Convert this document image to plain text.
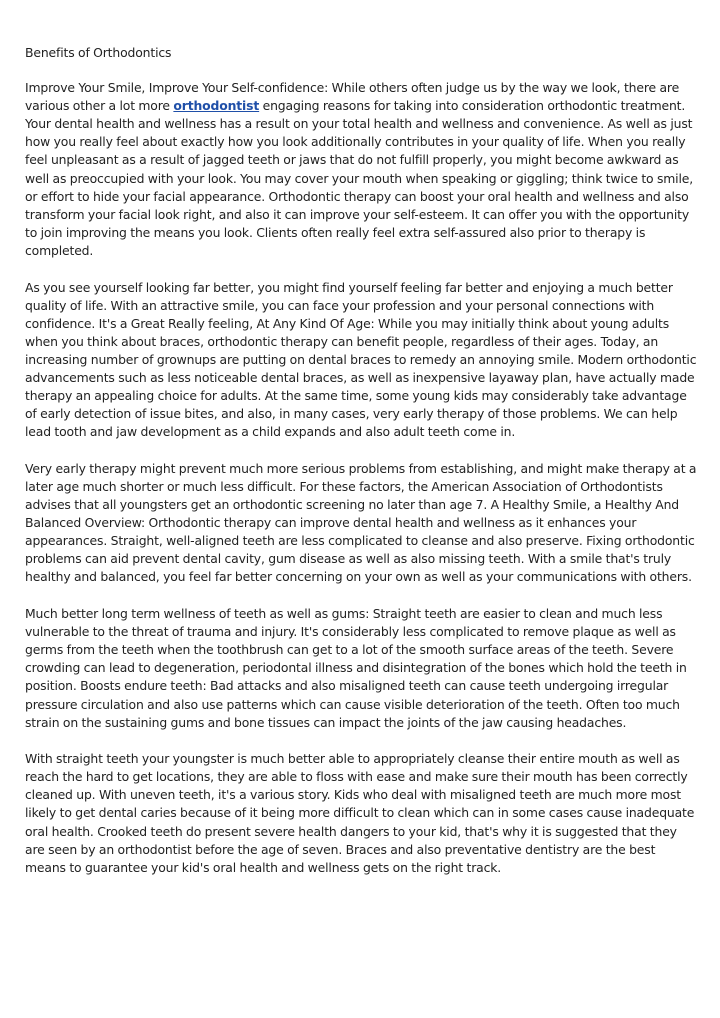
Benefits of Orthodontics

Improve Your Smile, Improve Your Self-confidence: While others often judge us by the way we look, there are various other a lot more orthodontist engaging reasons for taking into consideration orthodontic treatment. Your dental health and wellness has a result on your total health and wellness and convenience. As well as just how you really feel about exactly how you look additionally contributes in your quality of life. When you really feel unpleasant as a result of jagged teeth or jaws that do not fulfill properly, you might become awkward as well as preoccupied with your look. You may cover your mouth when speaking or giggling; think twice to smile, or effort to hide your facial appearance. Orthodontic therapy can boost your oral health and wellness and also transform your facial look right, and also it can improve your self-esteem. It can offer you with the opportunity to join improving the means you look. Clients often really feel extra self-assured also prior to therapy is completed.

As you see yourself looking far better, you might find yourself feeling far better and enjoying a much better quality of life. With an attractive smile, you can face your profession and your personal connections with confidence. It's a Great Really feeling, At Any Kind Of Age: While you may initially think about young adults when you think about braces, orthodontic therapy can benefit people, regardless of their ages. Today, an increasing number of grownups are putting on dental braces to remedy an annoying smile. Modern orthodontic advancements such as less noticeable dental braces, as well as inexpensive layaway plan, have actually made therapy an appealing choice for adults. At the same time, some young kids may considerably take advantage of early detection of issue bites, and also, in many cases, very early therapy of those problems. We can help lead tooth and jaw development as a child expands and also adult teeth come in.

Very early therapy might prevent much more serious problems from establishing, and might make therapy at a later age much shorter or much less difficult. For these factors, the American Association of Orthodontists advises that all youngsters get an orthodontic screening no later than age 7. A Healthy Smile, a Healthy And Balanced Overview: Orthodontic therapy can improve dental health and wellness as it enhances your appearances. Straight, well-aligned teeth are less complicated to cleanse and also preserve. Fixing orthodontic problems can aid prevent dental cavity, gum disease as well as also missing teeth. With a smile that's truly healthy and balanced, you feel far better concerning on your own as well as your communications with others.

Much better long term wellness of teeth as well as gums: Straight teeth are easier to clean and much less vulnerable to the threat of trauma and injury. It's considerably less complicated to remove plaque as well as germs from the teeth when the toothbrush can get to a lot of the smooth surface areas of the teeth. Severe crowding can lead to degeneration, periodontal illness and disintegration of the bones which hold the teeth in position. Boosts endure teeth: Bad attacks and also misaligned teeth can cause teeth undergoing irregular pressure circulation and also use patterns which can cause visible deterioration of the teeth. Often too much strain on the sustaining gums and bone tissues can impact the joints of the jaw causing headaches.

With straight teeth your youngster is much better able to appropriately cleanse their entire mouth as well as reach the hard to get locations, they are able to floss with ease and make sure their mouth has been correctly cleaned up. With uneven teeth, it's a various story. Kids who deal with misaligned teeth are much more most likely to get dental caries because of it being more difficult to clean which can in some cases cause inadequate oral health. Crooked teeth do present severe health dangers to your kid, that's why it is suggested that they are seen by an orthodontist before the age of seven. Braces and also preventative dentistry are the best means to guarantee your kid's oral health and wellness gets on the right track.
